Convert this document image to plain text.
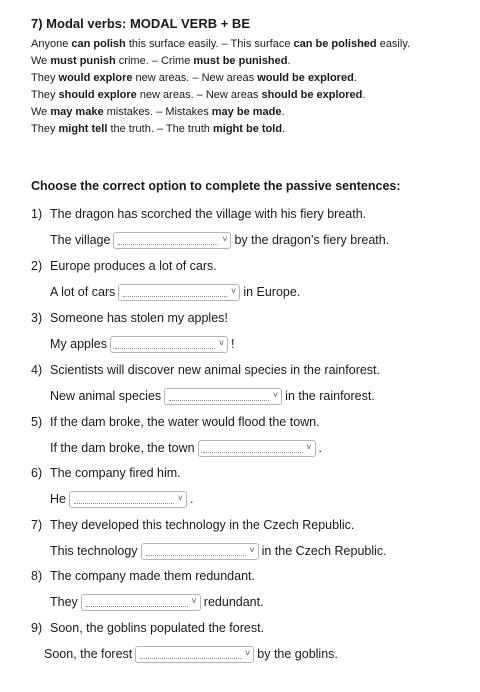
7) Modal verbs: MODAL VERB + BE
Anyone can polish this surface easily. – This surface can be polished easily.
We must punish crime. – Crime must be punished.
They would explore new areas. – New areas would be explored.
They should explore new areas. – New areas should be explored.
We may make mistakes. – Mistakes may be made.
They might tell the truth. – The truth might be told.
Choose the correct option to complete the passive sentences:
1) The dragon has scorched the village with his fiery breath.
The village	˅ by the dragon’s fiery breath.
2) Europe produces a lot of cars.
A lot of cars	˅ in Europe.
3) Someone has stolen my apples!
My apples	˅ !
4) Scientists will discover new animal species in the rainforest.
New animal species	˅ in the rainforest.
5) If the dam broke, the water would flood the town.
If the dam broke, the town	˅ .
6) The company fired him.
He	˅ .
7) They developed this technology in the Czech Republic.
This technology	˅ in the Czech Republic.
8) The company made them redundant.
They	˅ redundant.
9) Soon, the goblins populated the forest.
Soon, the forest	˅ by the goblins.
